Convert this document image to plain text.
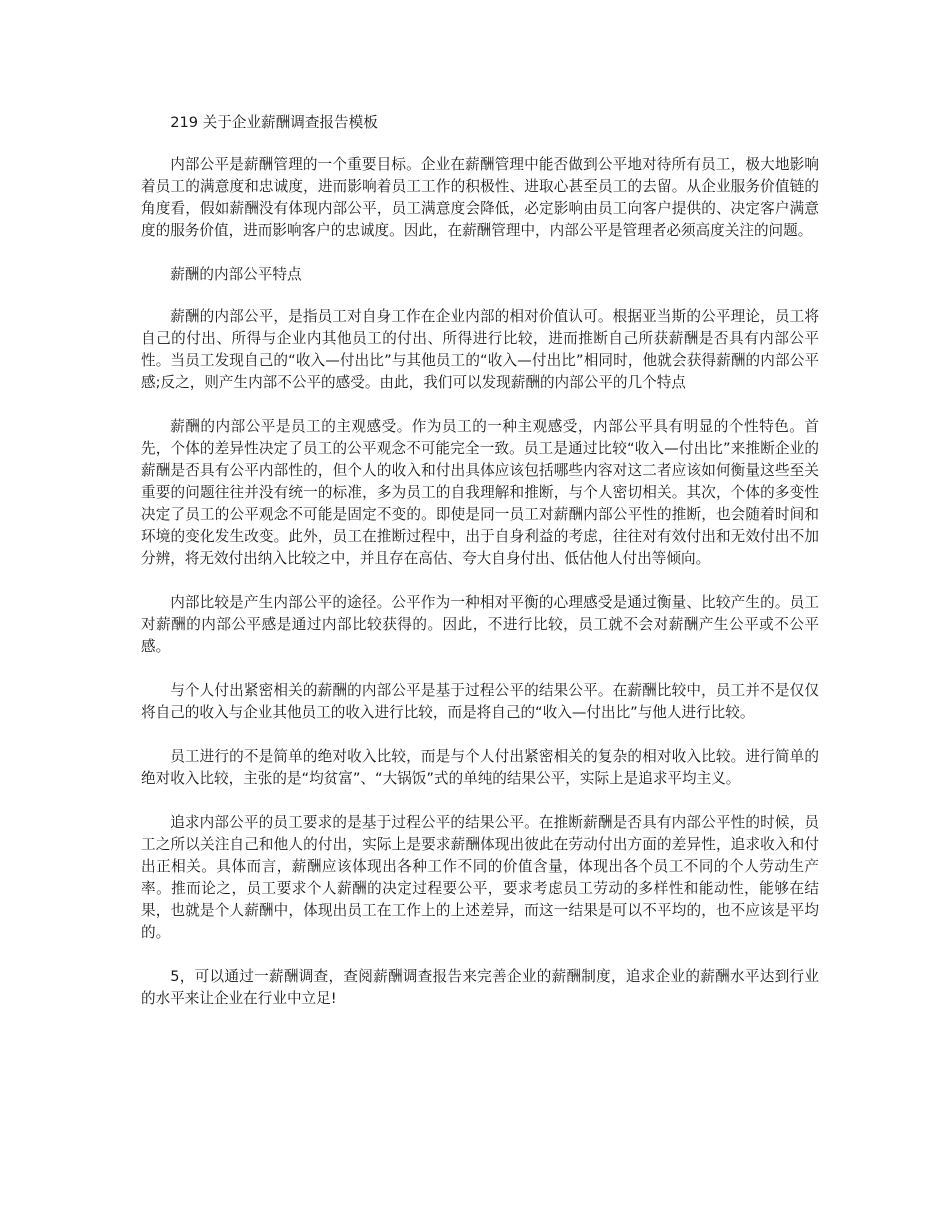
219 关于企业薪酬调查报告模板

内部公平是薪酬管理的一个重要目标。企业在薪酬管理中能否做到公平地对待所有员工，极大地影响着员工的满意度和忠诚度，进而影响着员工工作的积极性、进取心甚至员工的去留。从企业服务价值链的角度看，假如薪酬没有体现内部公平，员工满意度会降低，必定影响由员工向客户提供的、决定客户满意度的服务价值，进而影响客户的忠诚度。因此，在薪酬管理中，内部公平是管理者必须高度关注的问题。

薪酬的内部公平特点

薪酬的内部公平，是指员工对自身工作在企业内部的相对价值认可。根据亚当斯的公平理论，员工将自己的付出、所得与企业内其他员工的付出、所得进行比较，进而推断自己所获薪酬是否具有内部公平性。当员工发现自己的“收入—付出比”与其他员工的“收入—付出比”相同时，他就会获得薪酬的内部公平感;反之，则产生内部不公平的感受。由此，我们可以发现薪酬的内部公平的几个特点

薪酬的内部公平是员工的主观感受。作为员工的一种主观感受，内部公平具有明显的个性特色。首先，个体的差异性决定了员工的公平观念不可能完全一致。员工是通过比较“收入—付出比”来推断企业的薪酬是否具有公平内部性的，但个人的收入和付出具体应该包括哪些内容对这二者应该如何衡量这些至关重要的问题往往并没有统一的标准，多为员工的自我理解和推断，与个人密切相关。其次，个体的多变性决定了员工的公平观念不可能是固定不变的。即使是同一员工对薪酬内部公平性的推断，也会随着时间和环境的变化发生改变。此外，员工在推断过程中，出于自身利益的考虑，往往对有效付出和无效付出不加分辨，将无效付出纳入比较之中，并且存在高估、夸大自身付出、低估他人付出等倾向。

内部比较是产生内部公平的途径。公平作为一种相对平衡的心理感受是通过衡量、比较产生的。员工对薪酬的内部公平感是通过内部比较获得的。因此，不进行比较，员工就不会对薪酬产生公平或不公平感。

与个人付出紧密相关的薪酬的内部公平是基于过程公平的结果公平。在薪酬比较中，员工并不是仅仅将自己的收入与企业其他员工的收入进行比较，而是将自己的“收入—付出比”与他人进行比较。

员工进行的不是简单的绝对收入比较，而是与个人付出紧密相关的复杂的相对收入比较。进行简单的绝对收入比较，主张的是“均贫富”、“大锅饭”式的单纯的结果公平，实际上是追求平均主义。

追求内部公平的员工要求的是基于过程公平的结果公平。在推断薪酬是否具有内部公平性的时候，员工之所以关注自己和他人的付出，实际上是要求薪酬体现出彼此在劳动付出方面的差异性，追求收入和付出正相关。具体而言，薪酬应该体现出各种工作不同的价值含量，体现出各个员工不同的个人劳动生产率。推而论之，员工要求个人薪酬的决定过程要公平，要求考虑员工劳动的多样性和能动性，能够在结果，也就是个人薪酬中，体现出员工在工作上的上述差异，而这一结果是可以不平均的，也不应该是平均的。

5，可以通过一薪酬调查，查阅薪酬调查报告来完善企业的薪酬制度，追求企业的薪酬水平达到行业的水平来让企业在行业中立足!
